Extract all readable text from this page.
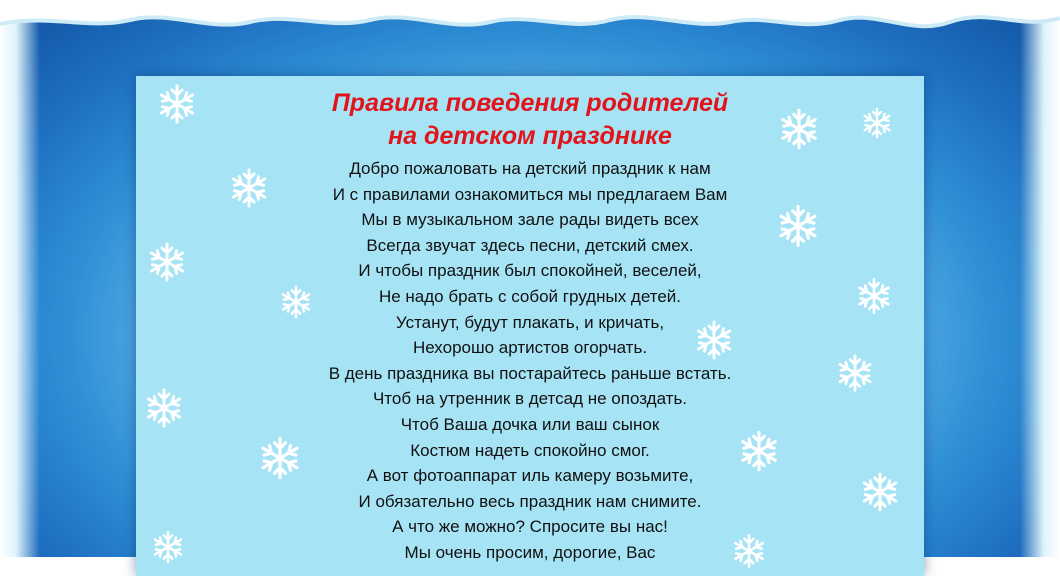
Правила поведения родителей
на детском празднике
Добро пожаловать на детский праздник к нам
И с правилами ознакомиться мы предлагаем Вам
Мы в музыкальном зале рады видеть всех
Всегда звучат здесь песни, детский смех.
И чтобы праздник был спокойней, веселей,
Не надо брать с собой грудных детей.
Устанут, будут плакать, и кричать,
Нехорошо артистов огорчать.
В день праздника вы постарайтесь раньше встать.
Чтоб на утренник в детсад не опоздать.
Чтоб Ваша дочка или ваш сынок
Костюм надеть спокойно смог.
А вот фотоаппарат иль камеру возьмите,
И обязательно весь праздник нам снимите.
А что же можно? Спросите вы нас!
Мы очень просим, дорогие, Вас
